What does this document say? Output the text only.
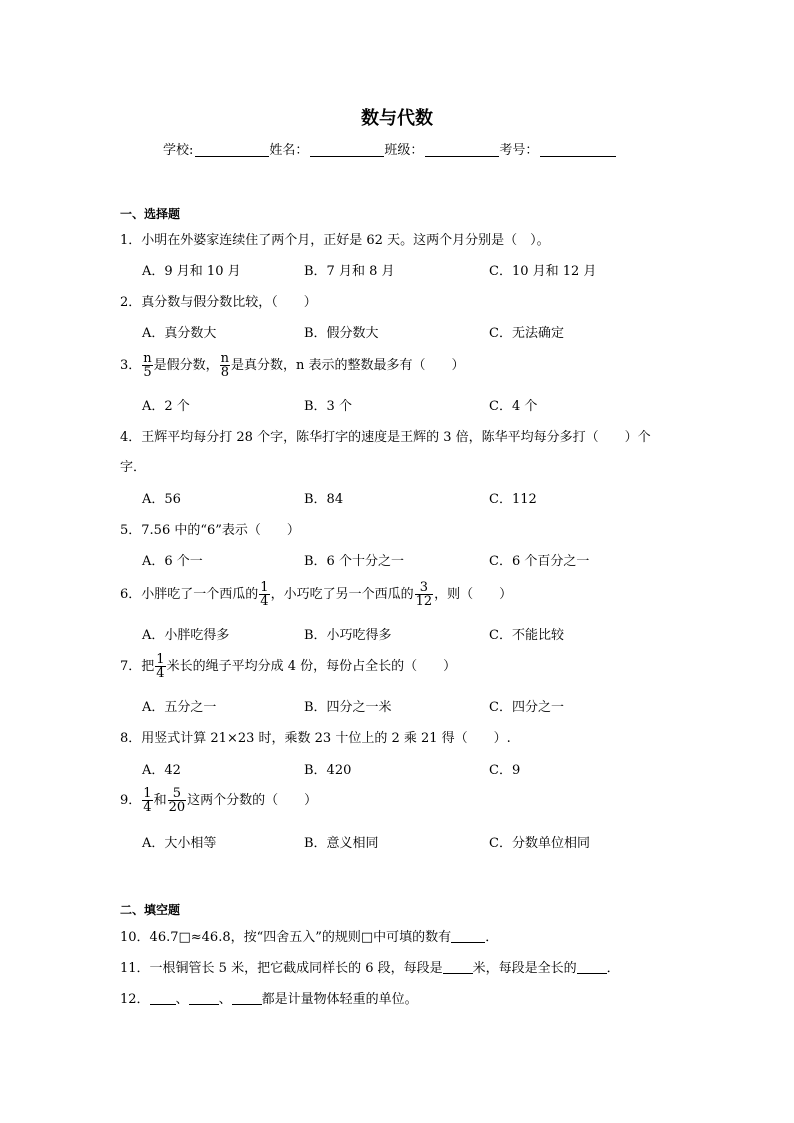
数与代数
学校:	姓名：	班级：	考号：
一、选择题
1．小明在外婆家连续住了两个月，正好是 62 天。这两个月分别是（　）。
A．9 月和 10 月	B．7 月和 8 月	C．10 月和 12 月
2．真分数与假分数比较，（　　）
A．真分数大	B．假分数大	C．无法确定
3． $\frac{n}{5}$ 是假分数， $\frac{n}{8}$ 是真分数，n 表示的整数最多有（　　）
A．2 个	B．3 个	C．4 个
4．王辉平均每分打 28 个字，陈华打字的速度是王辉的 3 倍，陈华平均每分多打（　　）个
字．
A．56	B．84	C．112
5．7.56 中的“6”表示（　　）
A．6 个一	B．6 个十分之一	C．6 个百分之一
6．小胖吃了一个西瓜的 $\frac{1}{4}$ ，小巧吃了另一个西瓜的 $\frac{3}{12}$ ，则（　　）
A．小胖吃得多	B．小巧吃得多	C．不能比较
7．把 $\frac{1}{4}$ 米长的绳子平均分成 4 份，每份占全长的（　　）
A．五分之一	B．四分之一米	C．四分之一
8．用竖式计算 21×23 时，乘数 23 十位上的 2 乘 21 得（　　）.
A．42	B．420	C．9
9． $\frac{1}{4}$ 和 $\frac{5}{20}$ 这两个分数的（　　）
A．大小相等	B．意义相同	C．分数单位相同
二、填空题
10．46.7□≈46.8，按“四舍五入”的规则□中可填的数有	．
11．一根铜管长 5 米，把它截成同样长的 6 段，每段是 米，每段是全长的 ．
12． 、 、 都是计量物体轻重的单位。
